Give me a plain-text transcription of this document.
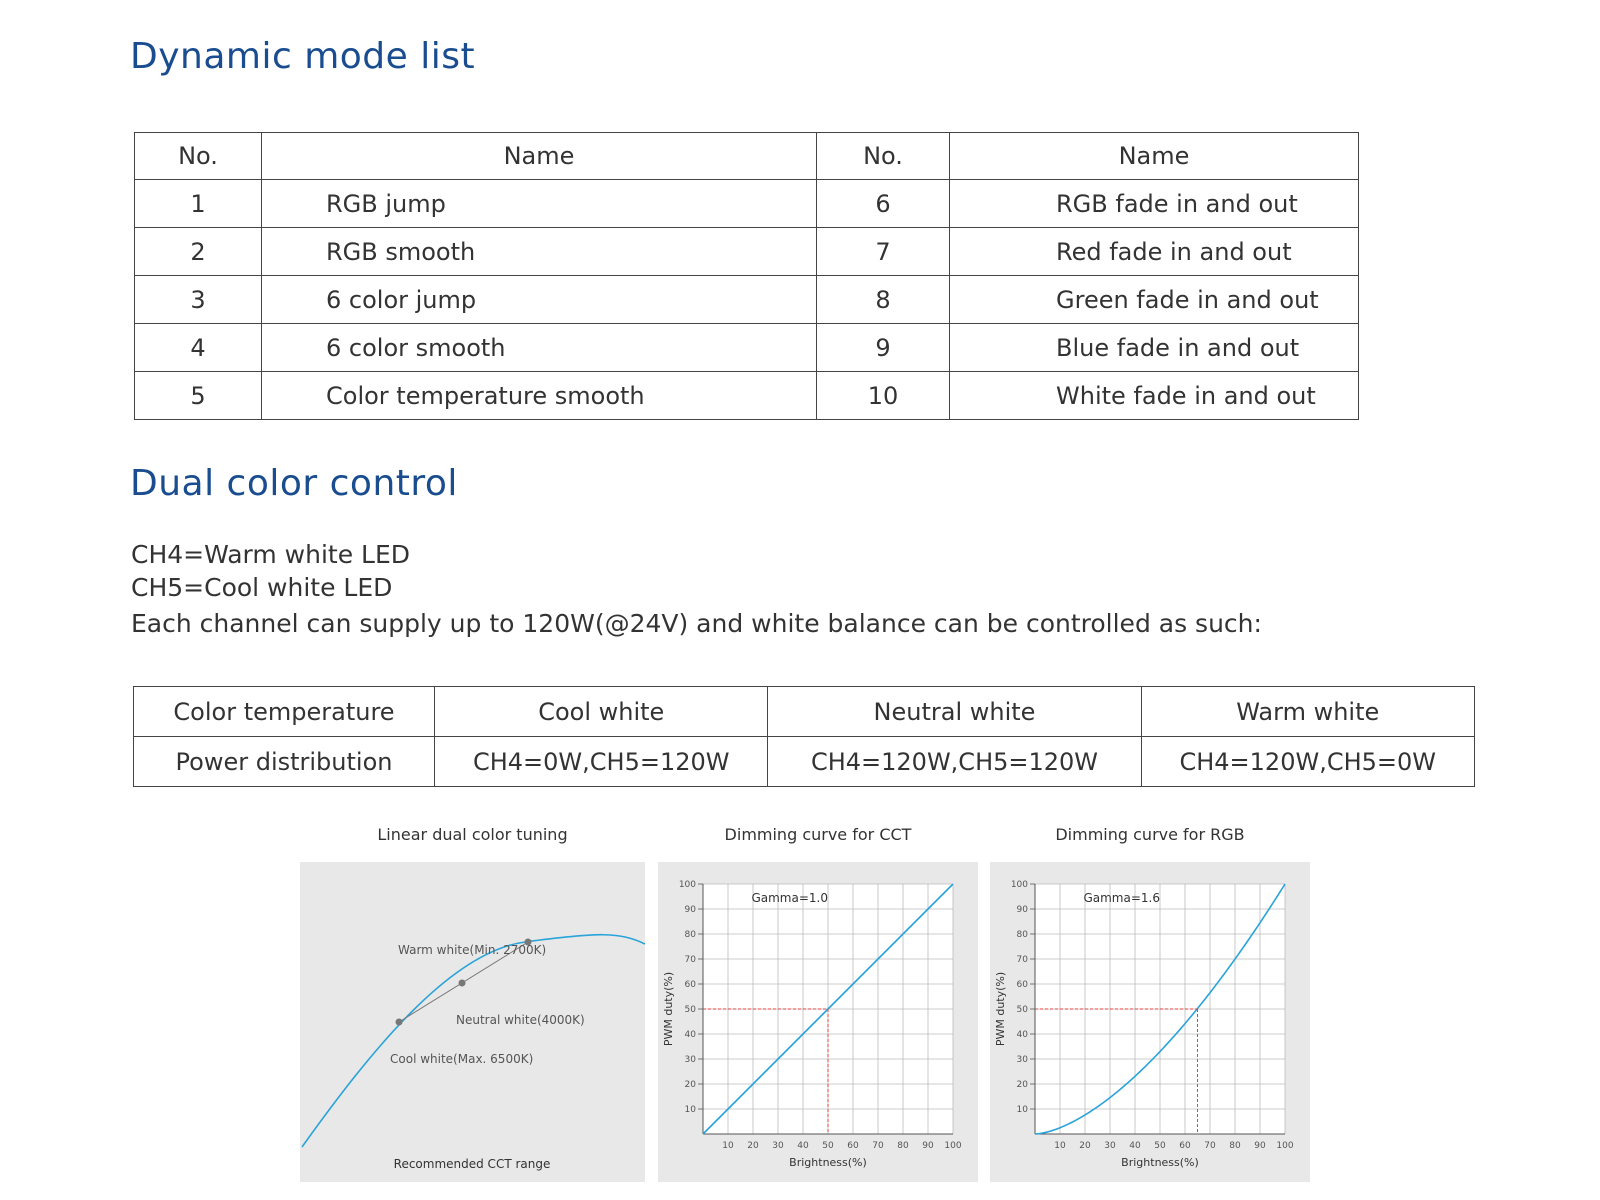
Dynamic mode list
No.	Name	No.	Name
1	RGB jump	6	RGB fade in and out
2	RGB smooth	7	Red fade in and out
3	6 color jump	8	Green fade in and out
4	6 color smooth	9	Blue fade in and out
5	Color temperature smooth	10	White fade in and out
Dual color control

CH4=Warm white LED

CH5=Cool white LED

Each channel can supply up to 120W(@24V) and white balance can be controlled as such:

Color temperature	Cool white	Neutral white	Warm white
Power distribution	CH4=0W,CH5=120W	CH4=120W,CH5=120W	CH4=120W,CH5=0W
Linear dual color tuning	Dimming curve for CCT	Dimming curve for RGB
Warm white(Min. 2700K)
Neutral white(4000K)
Cool white(Max. 6500K)
Recommended CCT range
10 20 30 40 50 60 70 80 90 100
10
20
30
40
50
60
70
80
90
100
Gamma=1.0
Brightness(%)
PWM duty(%)
10 20 30 40 50 60 70 80 90 100
10
20
30
40
50
60
70
80
90
100
Gamma=1.6
Brightness(%)
PWM duty(%)
